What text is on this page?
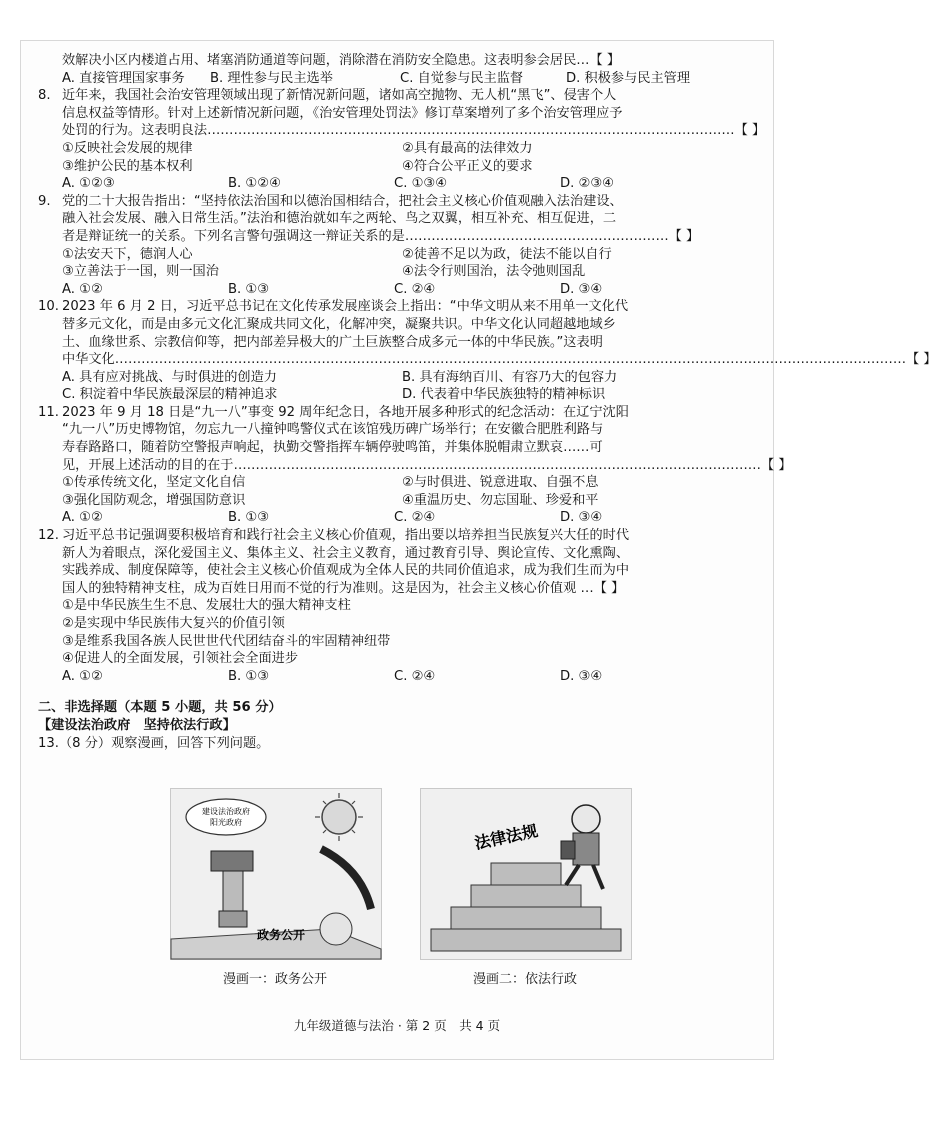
效解决小区内楼道占用、堵塞消防通道等问题，消除潜在消防安全隐患。这表明参会居民…【 】
A. 直接管理国家事务	B. 理性参与民主选举	C. 自觉参与民主监督	D. 积极参与民主管理
8. 近年来，我国社会治安管理领域出现了新情况新问题，诸如高空抛物、无人机“黑飞”、侵害个人
信息权益等情形。针对上述新情况新问题，《治安管理处罚法》修订草案增列了多个治安管理应予
处罚的行为。这表明良法…………………………………………………………………………………………………………【 】
①反映社会发展的规律	②具有最高的法律效力
③维护公民的基本权利	④符合公平正义的要求
A. ①②③	B. ①②④	C. ①③④	D. ②③④
9. 党的二十大报告指出：“坚持依法治国和以德治国相结合，把社会主义核心价值观融入法治建设、
融入社会发展、融入日常生活。”法治和德治就如车之两轮、鸟之双翼，相互补充、相互促进，二
者是辩证统一的关系。下列名言警句强调这一辩证关系的是……………………………………………………【 】
①法安天下，德润人心	②徒善不足以为政，徒法不能以自行
③立善法于一国，则一国治	④法令行则国治，法令弛则国乱
A. ①②	B. ①③	C. ②④	D. ③④
10. 2023 年 6 月 2 日，习近平总书记在文化传承发展座谈会上指出：“中华文明从来不用单一文化代
替多元文化，而是由多元文化汇聚成共同文化，化解冲突，凝聚共识。中华文化认同超越地域乡
土、血缘世系、宗教信仰等，把内部差异极大的广土巨族整合成多元一体的中华民族。”这表明
中华文化………………………………………………………………………………………………………………………………………………………………【 】
A. 具有应对挑战、与时俱进的创造力	B. 具有海纳百川、有容乃大的包容力
C. 积淀着中华民族最深层的精神追求	D. 代表着中华民族独特的精神标识
11. 2023 年 9 月 18 日是“九一八”事变 92 周年纪念日，各地开展多种形式的纪念活动：在辽宁沈阳
“九一八”历史博物馆，勿忘九一八撞钟鸣警仪式在该馆残历碑广场举行；在安徽合肥胜利路与
寿春路路口，随着防空警报声响起，执勤交警指挥车辆停驶鸣笛，并集体脱帽肃立默哀……可
见，开展上述活动的目的在于…………………………………………………………………………………………………………【 】
①传承传统文化，坚定文化自信	②与时俱进、锐意进取、自强不息
③强化国防观念，增强国防意识	④重温历史、勿忘国耻、珍爱和平
A. ①②	B. ①③	C. ②④	D. ③④
12. 习近平总书记强调要积极培育和践行社会主义核心价值观，指出要以培养担当民族复兴大任的时代
新人为着眼点，深化爱国主义、集体主义、社会主义教育，通过教育引导、舆论宣传、文化熏陶、
实践养成、制度保障等，使社会主义核心价值观成为全体人民的共同价值追求，成为我们生而为中
国人的独特精神支柱，成为百姓日用而不觉的行为准则。这是因为，社会主义核心价值观 …【 】
①是中华民族生生不息、发展壮大的强大精神支柱
②是实现中华民族伟大复兴的价值引领
③是维系我国各族人民世世代代团结奋斗的牢固精神纽带
④促进人的全面发展，引领社会全面进步
A. ①②	B. ①③	C. ②④	D. ③④
二、非选择题（本题 5 小题，共 56 分）
【建设法治政府　坚持依法行政】
13.（8 分）观察漫画，回答下列问题。
建设法治政府
阳光政府
政务公开
漫画一：政务公开
法律法规
漫画二：依法行政
九年级道德与法治 · 第 2 页　共 4 页
